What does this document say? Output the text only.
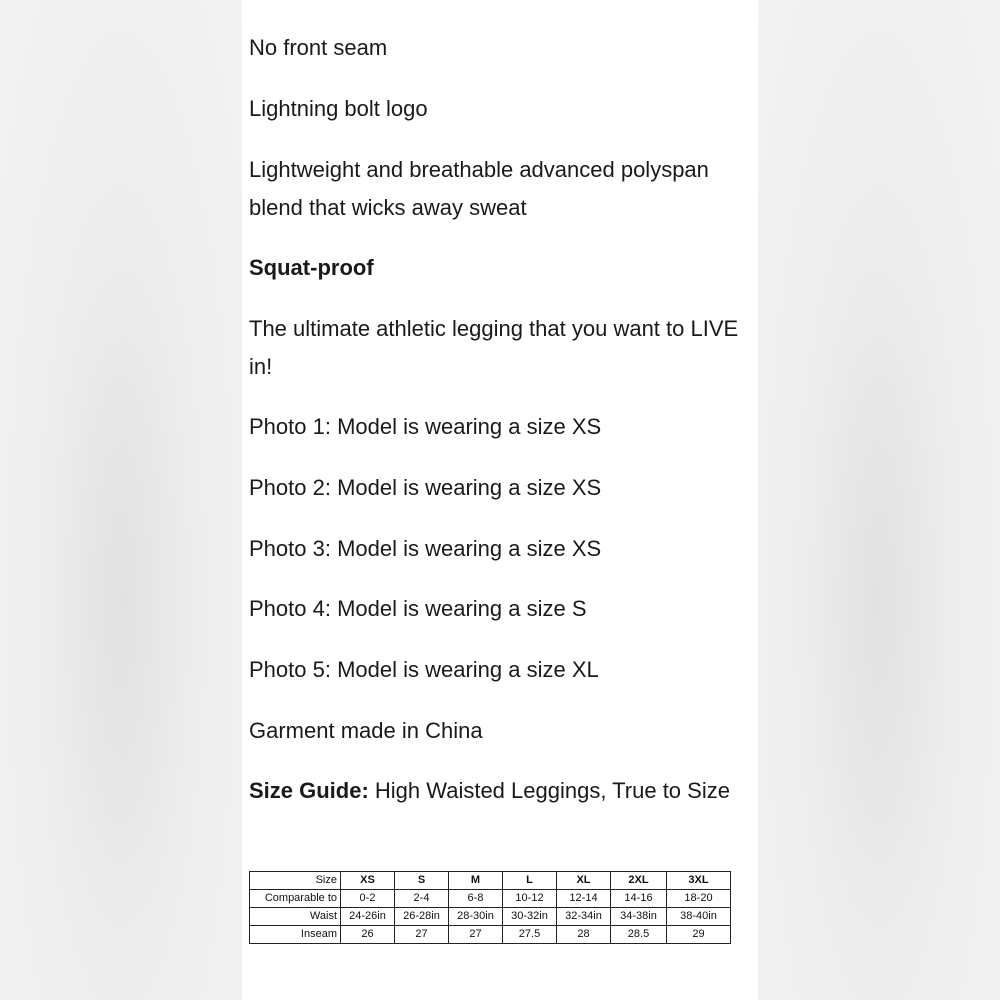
No front seam

Lightning bolt logo

Lightweight and breathable advanced polyspan blend that wicks away sweat

Squat-proof

The ultimate athletic legging that you want to LIVE in!

Photo 1: Model is wearing a size XS

Photo 2: Model is wearing a size XS

Photo 3: Model is wearing a size XS

Photo 4: Model is wearing a size S

Photo 5: Model is wearing a size XL

Garment made in China

Size Guide: High Waisted Leggings, True to Size

Size	XS	S	M	L	XL	2XL	3XL
Comparable to	0-2	2-4	6-8	10-12	12-14	14-16	18-20
Waist	24-26in	26-28in	28-30in	30-32in	32-34in	34-38in	38-40in
Inseam	26	27	27	27.5	28	28.5	29
